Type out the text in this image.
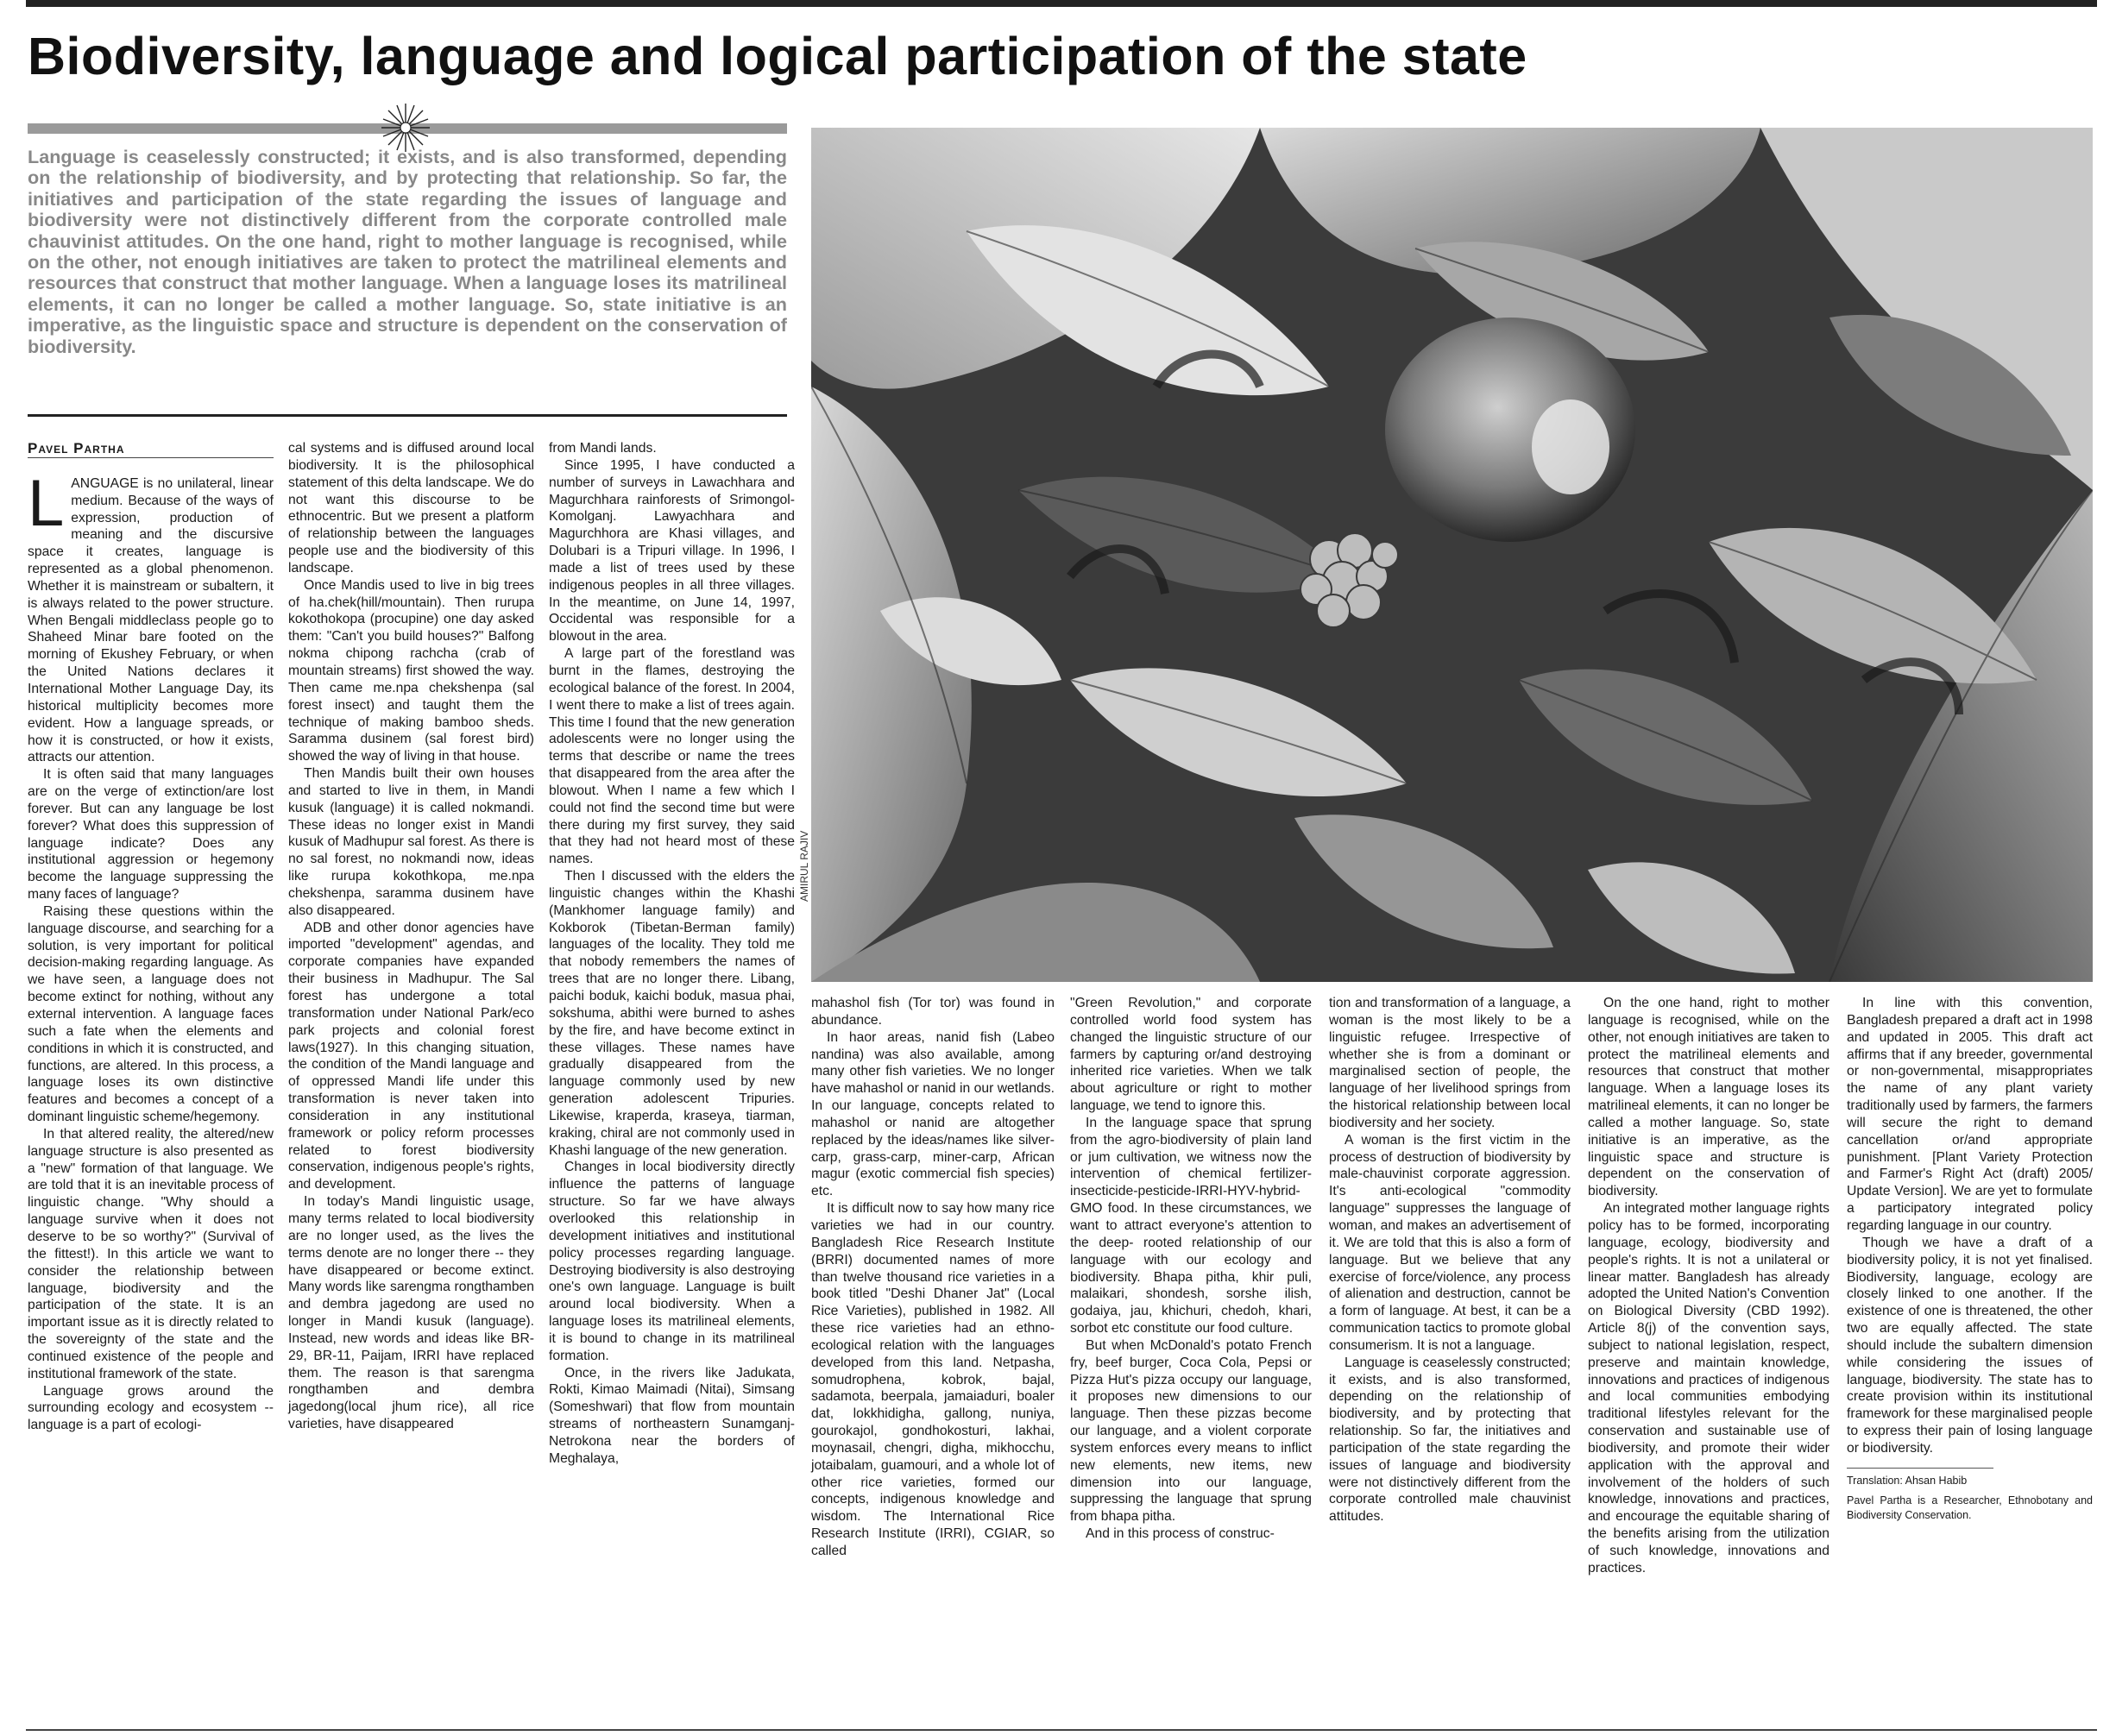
Biodiversity, language and logical participation of the state
Language is ceaselessly constructed; it exists, and is also transformed, depending on the relationship of biodiversity, and by protecting that relationship. So far, the initiatives and participation of the state regarding the issues of language and biodiversity were not distinctively different from the corporate controlled male chauvinist attitudes. On the one hand, right to mother language is recognised, while on the other, not enough initiatives are taken to protect the matrilineal elements and resources that construct that mother language. When a language loses its matrilineal elements, it can no longer be called a mother language. So, state initiative is an imperative, as the linguistic space and structure is dependent on the conservation of biodiversity.
AMIRUL RAJIV

Pavel Partha

LANGUAGE is no unilateral, linear medium. Because of the ways of expression, production of meaning and the discursive space it creates, language is represented as a global phenomenon. Whether it is mainstream or subaltern, it is always related to the power structure. When Bengali middleclass people go to Shaheed Minar bare footed on the morning of Ekushey February, or when the United Nations declares it International Mother Language Day, its historical multiplicity becomes more evident. How a language spreads, or how it is constructed, or how it exists, attracts our attention.

It is often said that many languages are on the verge of extinction/are lost forever. But can any language be lost forever? What does this suppression of language indicate? Does any institutional aggression or hegemony become the language suppressing the many faces of language?

Raising these questions within the language discourse, and searching for a solution, is very important for political decision-making regarding language. As we have seen, a language does not become extinct for nothing, without any external intervention. A language faces such a fate when the elements and conditions in which it is constructed, and functions, are altered. In this process, a language loses its own distinctive features and becomes a concept of a dominant linguistic scheme/hegemony.

In that altered reality, the altered/new language structure is also presented as a "new" formation of that language. We are told that it is an inevitable process of linguistic change. "Why should a language survive when it does not deserve to be so worthy?" (Survival of the fittest!). In this article we want to consider the relationship between language, biodiversity and the participation of the state. It is an important issue as it is directly related to the sovereignty of the state and the continued existence of the people and institutional framework of the state.

Language grows around the surrounding ecology and ecosystem -- language is a part of ecologi-

cal systems and is diffused around local biodiversity. It is the philosophical statement of this delta landscape. We do not want this discourse to be ethnocentric. But we present a platform of relationship between the languages people use and the biodiversity of this landscape.

Once Mandis used to live in big trees of ha.chek(hill/mountain). Then rurupa kokothokopa (procupine) one day asked them: "Can't you build houses?" Balfong nokma chipong rachcha (crab of mountain streams) first showed the way. Then came me.npa chekshenpa (sal forest insect) and taught them the technique of making bamboo sheds. Saramma dusinem (sal forest bird) showed the way of living in that house.

Then Mandis built their own houses and started to live in them, in Mandi kusuk (language) it is called nokmandi. These ideas no longer exist in Mandi kusuk of Madhupur sal forest. As there is no sal forest, no nokmandi now, ideas like rurupa kokothkopa, me.npa chekshenpa, saramma dusinem have also disappeared.

ADB and other donor agencies have imported "development" agendas, and corporate companies have expanded their business in Madhupur. The Sal forest has undergone a total transformation under National Park/eco park projects and colonial forest laws(1927). In this changing situation, the condition of the Mandi language and of oppressed Mandi life under this transformation is never taken into consideration in any institutional framework or policy reform processes related to forest biodiversity conservation, indigenous people's rights, and development.

In today's Mandi linguistic usage, many terms related to local biodiversity are no longer used, as the lives the terms denote are no longer there -- they have disappeared or become extinct. Many words like sarengma rongthamben and dembra jagedong are used no longer in Mandi kusuk (language). Instead, new words and ideas like BR-29, BR-11, Paijam, IRRI have replaced them. The reason is that sarengma rongthamben and dembra jagedong(local jhum rice), all rice varieties, have disappeared

from Mandi lands.

Since 1995, I have conducted a number of surveys in Lawachhara and Magurchhara rainforests of Srimongol-Komolganj. Lawyachhara and Magurchhora are Khasi villages, and Dolubari is a Tripuri village. In 1996, I made a list of trees used by these indigenous peoples in all three villages. In the meantime, on June 14, 1997, Occidental was responsible for a blowout in the area.

A large part of the forestland was burnt in the flames, destroying the ecological balance of the forest. In 2004, I went there to make a list of trees again. This time I found that the new generation adolescents were no longer using the terms that describe or name the trees that disappeared from the area after the blowout. When I name a few which I could not find the second time but were there during my first survey, they said that they had not heard most of these names.

Then I discussed with the elders the linguistic changes within the Khashi (Mankhomer language family) and Kokborok (Tibetan-Berman family) languages of the locality. They told me that nobody remembers the names of trees that are no longer there. Libang, paichi boduk, kaichi boduk, masua phai, sokshuma, abithi were burned to ashes by the fire, and have become extinct in these villages. These names have gradually disappeared from the language commonly used by new generation adolescent Tripuries. Likewise, kraperda, kraseya, tiarman, kraking, chiral are not commonly used in Khashi language of the new generation.

Changes in local biodiversity directly influence the patterns of language structure. So far we have always overlooked this relationship in development initiatives and institutional policy processes regarding language. Destroying biodiversity is also destroying one's own language. Language is built around local biodiversity. When a language loses its matrilineal elements, it is bound to change in its matrilineal formation.

Once, in the rivers like Jadukata, Rokti, Kimao Maimadi (Nitai), Simsang (Someshwari) that flow from mountain streams of northeastern Sunamganj-Netrokona near the borders of Meghalaya,

mahashol fish (Tor tor) was found in abundance.

In haor areas, nanid fish (Labeo nandina) was also available, among many other fish varieties. We no longer have mahashol or nanid in our wetlands. In our language, concepts related to mahashol or nanid are altogether replaced by the ideas/names like silver-carp, grass-carp, miner-carp, African magur (exotic commercial fish species) etc.

It is difficult now to say how many rice varieties we had in our country. Bangladesh Rice Research Institute (BRRI) documented names of more than twelve thousand rice varieties in a book titled "Deshi Dhaner Jat" (Local Rice Varieties), published in 1982. All these rice varieties had an ethno-ecological relation with the languages developed from this land. Netpasha, somudrophena, kobrok, bajal, sadamota, beerpala, jamaiaduri, boaler dat, lokkhidigha, gallong, nuniya, gourokajol, gondhokosturi, lakhai, moynasail, chengri, digha, mikhocchu, jotaibalam, guamouri, and a whole lot of other rice varieties, formed our concepts, indigenous knowledge and wisdom. The International Rice Research Institute (IRRI), CGIAR, so called

"Green Revolution," and corporate controlled world food system has changed the linguistic structure of our farmers by capturing or/and destroying inherited rice varieties. When we talk about agriculture or right to mother language, we tend to ignore this.

In the language space that sprung from the agro-biodiversity of plain land or jum cultivation, we witness now the intervention of chemical fertilizer-insecticide-pesticide-IRRI-HYV-hybrid-GMO food. In these circumstances, we want to attract everyone's attention to the deep- rooted relationship of our language with our ecology and biodiversity. Bhapa pitha, khir puli, malaikari, shondesh, sorshe ilish, godaiya, jau, khichuri, chedoh, khari, sorbot etc constitute our food culture.

But when McDonald's potato French fry, beef burger, Coca Cola, Pepsi or Pizza Hut's pizza occupy our language, it proposes new dimensions to our language. Then these pizzas become our language, and a violent corporate system enforces every means to inflict new elements, new items, new dimension into our language, suppressing the language that sprung from bhapa pitha.

And in this process of construc-

tion and transformation of a language, a woman is the most likely to be a linguistic refugee. Irrespective of whether she is from a dominant or marginalised section of people, the language of her livelihood springs from the historical relationship between local biodiversity and her society.

A woman is the first victim in the process of destruction of biodiversity by male-chauvinist corporate aggression. It's anti-ecological "commodity language" suppresses the language of woman, and makes an advertisement of it. We are told that this is also a form of language. But we believe that any exercise of force/violence, any process of alienation and destruction, cannot be a form of language. At best, it can be a communication tactics to promote global consumerism. It is not a language.

Language is ceaselessly constructed; it exists, and is also transformed, depending on the relationship of biodiversity, and by protecting that relationship. So far, the initiatives and participation of the state regarding the issues of language and biodiversity were not distinctively different from the corporate controlled male chauvinist attitudes.

On the one hand, right to mother language is recognised, while on the other, not enough initiatives are taken to protect the matrilineal elements and resources that construct that mother language. When a language loses its matrilineal elements, it can no longer be called a mother language. So, state initiative is an imperative, as the linguistic space and structure is dependent on the conservation of biodiversity.

An integrated mother language rights policy has to be formed, incorporating language, ecology, biodiversity and people's rights. It is not a unilateral or linear matter. Bangladesh has already adopted the United Nation's Convention on Biological Diversity (CBD 1992). Article 8(j) of the convention says, subject to national legislation, respect, preserve and maintain knowledge, innovations and practices of indigenous and local communities embodying traditional lifestyles relevant for the conservation and sustainable use of biodiversity, and promote their wider application with the approval and involvement of the holders of such knowledge, innovations and practices, and encourage the equitable sharing of the benefits arising from the utilization of such knowledge, innovations and practices.

In line with this convention, Bangladesh prepared a draft act in 1998 and updated in 2005. This draft act affirms that if any breeder, governmental or non-governmental, misappropriates the name of any plant variety traditionally used by farmers, the farmers will secure the right to demand cancellation or/and appropriate punishment. [Plant Variety Protection and Farmer's Right Act (draft) 2005/ Update Version]. We are yet to formulate a participatory integrated policy regarding language in our country.

Though we have a draft of a biodiversity policy, it is not yet finalised. Biodiversity, language, ecology are closely linked to one another. If the existence of one is threatened, the other two are equally affected. The state should include the subaltern dimension while considering the issues of language, biodiversity. The state has to create provision within its institutional framework for these marginalised people to express their pain of losing language or biodiversity.

Translation: Ahsan Habib

Pavel Partha is a Researcher, Ethnobotany and Biodiversity Conservation.
